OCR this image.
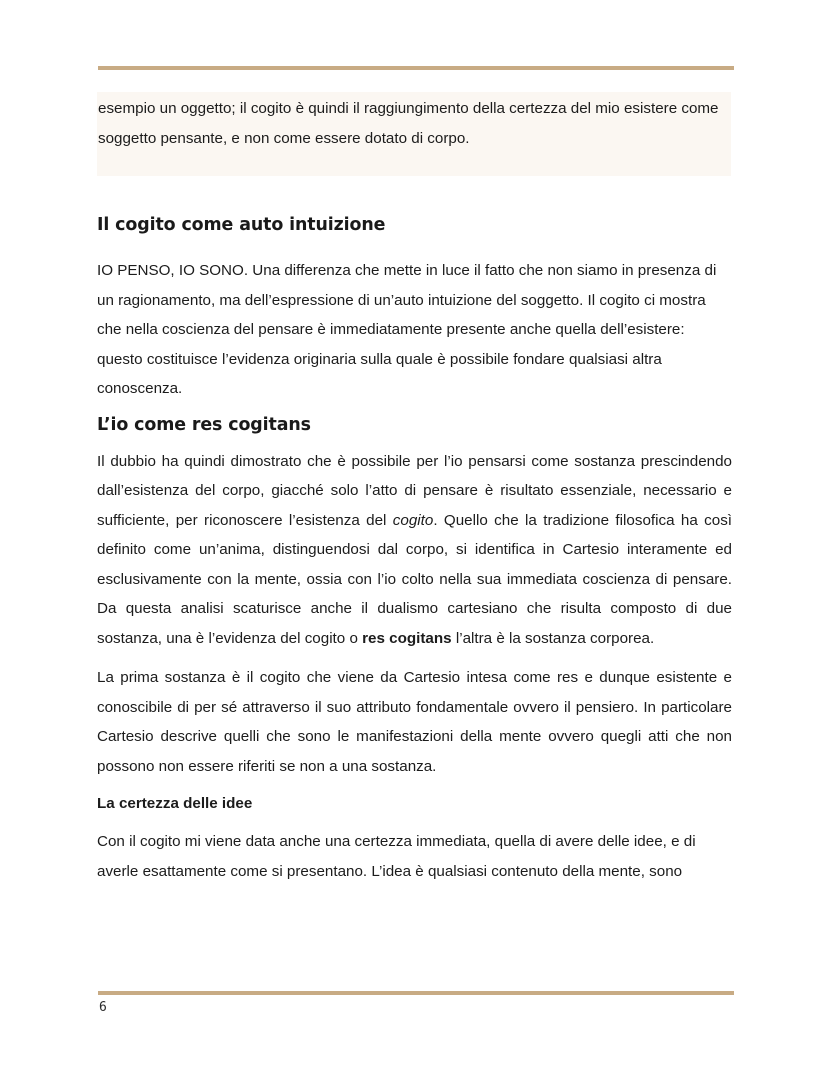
esempio un oggetto; il cogito è quindi il raggiungimento della certezza del mio esistere come soggetto pensante, e non come essere dotato di corpo.

Il cogito come auto intuizione

IO PENSO, IO SONO. Una differenza che mette in luce il fatto che non siamo in presenza di un ragionamento, ma dell’espressione di un’auto intuizione del soggetto. Il cogito ci mostra che nella coscienza del pensare è immediatamente presente anche quella dell’esistere: questo costituisce l’evidenza originaria sulla quale è possibile fondare qualsiasi altra conoscenza.

L’io come res cogitans

Il dubbio ha quindi dimostrato che è possibile per l’io pensarsi come sostanza prescindendo dall’esistenza del corpo, giacché solo l’atto di pensare è risultato essenziale, necessario e sufficiente, per riconoscere l’esistenza del cogito. Quello che la tradizione filosofica ha così definito come un’anima, distinguendosi dal corpo, si identifica in Cartesio interamente ed esclusivamente con la mente, ossia con l’io colto nella sua immediata coscienza di pensare. Da questa analisi scaturisce anche il dualismo cartesiano che risulta composto di due sostanza, una è l’evidenza del cogito o res cogitans l’altra è la sostanza corporea.

La prima sostanza è il cogito che viene da Cartesio intesa come res e dunque esistente e conoscibile di per sé attraverso il suo attributo fondamentale ovvero il pensiero. In particolare Cartesio descrive quelli che sono le manifestazioni della mente ovvero quegli atti che non possono non essere riferiti se non a una sostanza.

La certezza delle idee

Con il cogito mi viene data anche una certezza immediata, quella di avere delle idee, e di averle esattamente come si presentano. L’idea è qualsiasi contenuto della mente, sono

6
